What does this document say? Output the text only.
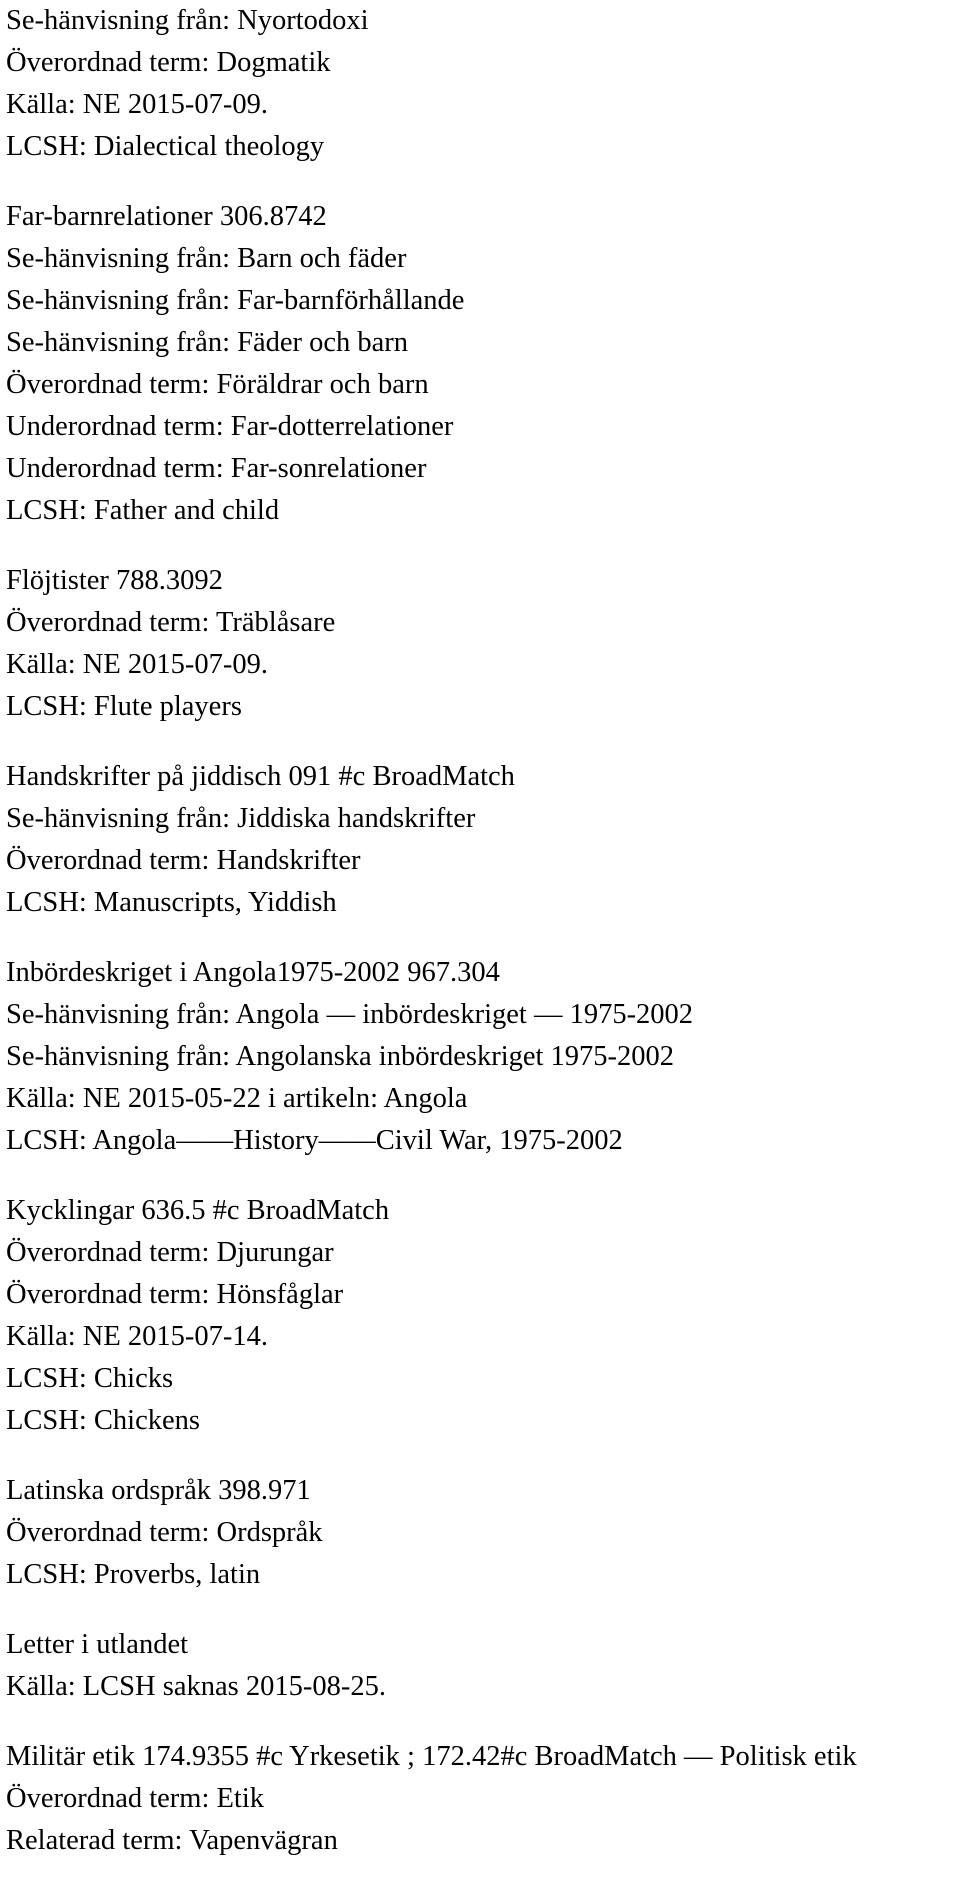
Se-hänvisning från: Nyortodoxi
Överordnad term: Dogmatik
Källa: NE 2015-07-09.
LCSH: Dialectical theology
Far-barnrelationer 306.8742
Se-hänvisning från: Barn och fäder
Se-hänvisning från: Far-barnförhållande
Se-hänvisning från: Fäder och barn
Överordnad term: Föräldrar och barn
Underordnad term: Far-dotterrelationer
Underordnad term: Far-sonrelationer
LCSH: Father and child
Flöjtister 788.3092
Överordnad term: Träblåsare
Källa: NE 2015-07-09.
LCSH: Flute players
Handskrifter på jiddisch 091 #c BroadMatch
Se-hänvisning från: Jiddiska handskrifter
Överordnad term: Handskrifter
LCSH: Manuscripts, Yiddish
Inbördeskriget i Angola1975-2002 967.304
Se-hänvisning från: Angola — inbördeskriget — 1975-2002
Se-hänvisning från: Angolanska inbördeskriget 1975-2002
Källa: NE 2015-05-22 i artikeln: Angola
LCSH: Angola——History——Civil War, 1975-2002
Kycklingar 636.5 #c BroadMatch
Överordnad term: Djurungar
Överordnad term: Hönsfåglar
Källa: NE 2015-07-14.
LCSH: Chicks
LCSH: Chickens
Latinska ordspråk 398.971
Överordnad term: Ordspråk
LCSH: Proverbs, latin
Letter i utlandet
Källa: LCSH saknas 2015-08-25.
Militär etik 174.9355 #c Yrkesetik ; 172.42#c BroadMatch — Politisk etik
Överordnad term: Etik
Relaterad term: Vapenvägran
